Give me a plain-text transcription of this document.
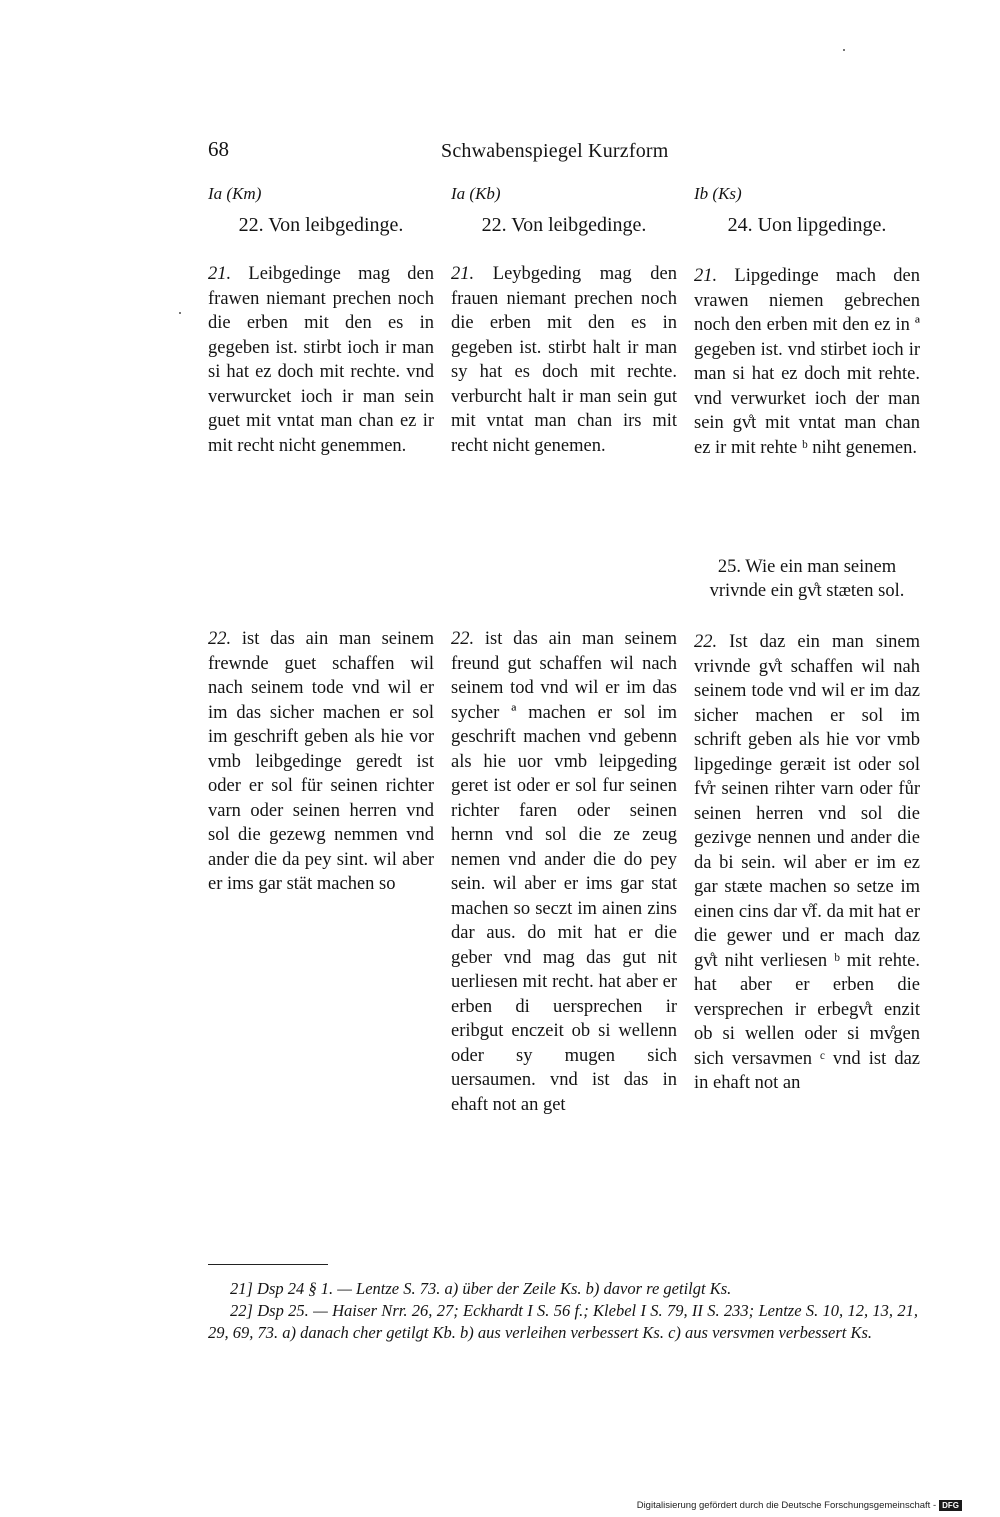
68	Schwabenspiegel Kurzform
Ia (Km)	Ia (Kb)	Ib (Ks)
22. Von leibgedinge.	22. Von leibgedinge.	24. Uon lipgedinge.
21. Leibgedinge mag den frawen niemant prechen noch die erben mit den es in gegeben ist. stirbt ioch ir man si hat ez doch mit rechte. vnd verwurcket ioch ir man sein guet mit vntat man chan ez ir mit recht nicht genemmen.
21. Leybgeding mag den frauen niemant prechen noch die erben mit den es in gegeben ist. stirbt halt ir man sy hat es doch mit rechte. verburcht halt ir man sein gut mit vntat man chan irs mit recht nicht genemen.
21. Lipgedinge mach den vrawen niemen gebrechen noch den erben mit den ez in ª gegeben ist. vnd stirbet ioch ir man si hat ez doch mit rehte. vnd verwurket ioch der man sein gv̊t mit vntat man chan ez ir mit rehte ᵇ niht genemen.
25. Wie ein man seinem vrivnde ein gv̊t stæten sol.
22. ist das ain man seinem frewnde guet schaffen wil nach seinem tode vnd wil er im das sicher machen er sol im geschrift geben als hie vor vmb leibgedinge geredt ist oder er sol für seinen richter varn oder seinen herren vnd sol die gezewg nemmen vnd ander die da pey sint. wil aber er ims gar stät machen so
22. ist das ain man seinem freund gut schaffen wil nach seinem tod vnd wil er im das sycher ª machen er sol im geschrift machen vnd gebenn als hie uor vmb leipgeding geret ist oder er sol fur seinen richter faren oder seinen hernn vnd sol die ze zeug nemen vnd ander die do pey sein. wil aber er ims gar stat machen so seczt im ainen zins dar aus. do mit hat er die geber vnd mag das gut nit uerliesen mit recht. hat aber er erben di uersprechen ir eribgut enczeit ob si wellenn oder sy mugen sich uersaumen. vnd ist das in ehaft not an get
22. Ist daz ein man sinem vrivnde gv̊t schaffen wil nah seinem tode vnd wil er im daz sicher machen er sol im schrift geben als hie vor vmb lipgedinge geræit ist oder sol fv̊r seinen rihter varn oder fůr seinen herren vnd sol die gezivge nennen und ander die da bi sein. wil aber er im ez gar stæte machen so setze im einen cins dar v̊f. da mit hat er die gewer und er mach daz gv̊t niht verliesen ᵇ mit rehte. hat aber er erben die versprechen ir erbegv̊t enzit ob si wellen oder si mv̊gen sich versavmen ᶜ vnd ist daz in ehaft not an
21] Dsp 24 § 1. — Lentze S. 73. a) über der Zeile Ks. b) davor re getilgt Ks.
22] Dsp 25. — Haiser Nrr. 26, 27; Eckhardt I S. 56 f.; Klebel I S. 79, II S. 233; Lentze S. 10, 12, 13, 21, 29, 69, 73. a) danach cher getilgt Kb. b) aus verleihen verbessert Ks. c) aus versvmen verbessert Ks.
Digitalisierung gefördert durch die Deutsche Forschungsgemeinschaft - DFG
